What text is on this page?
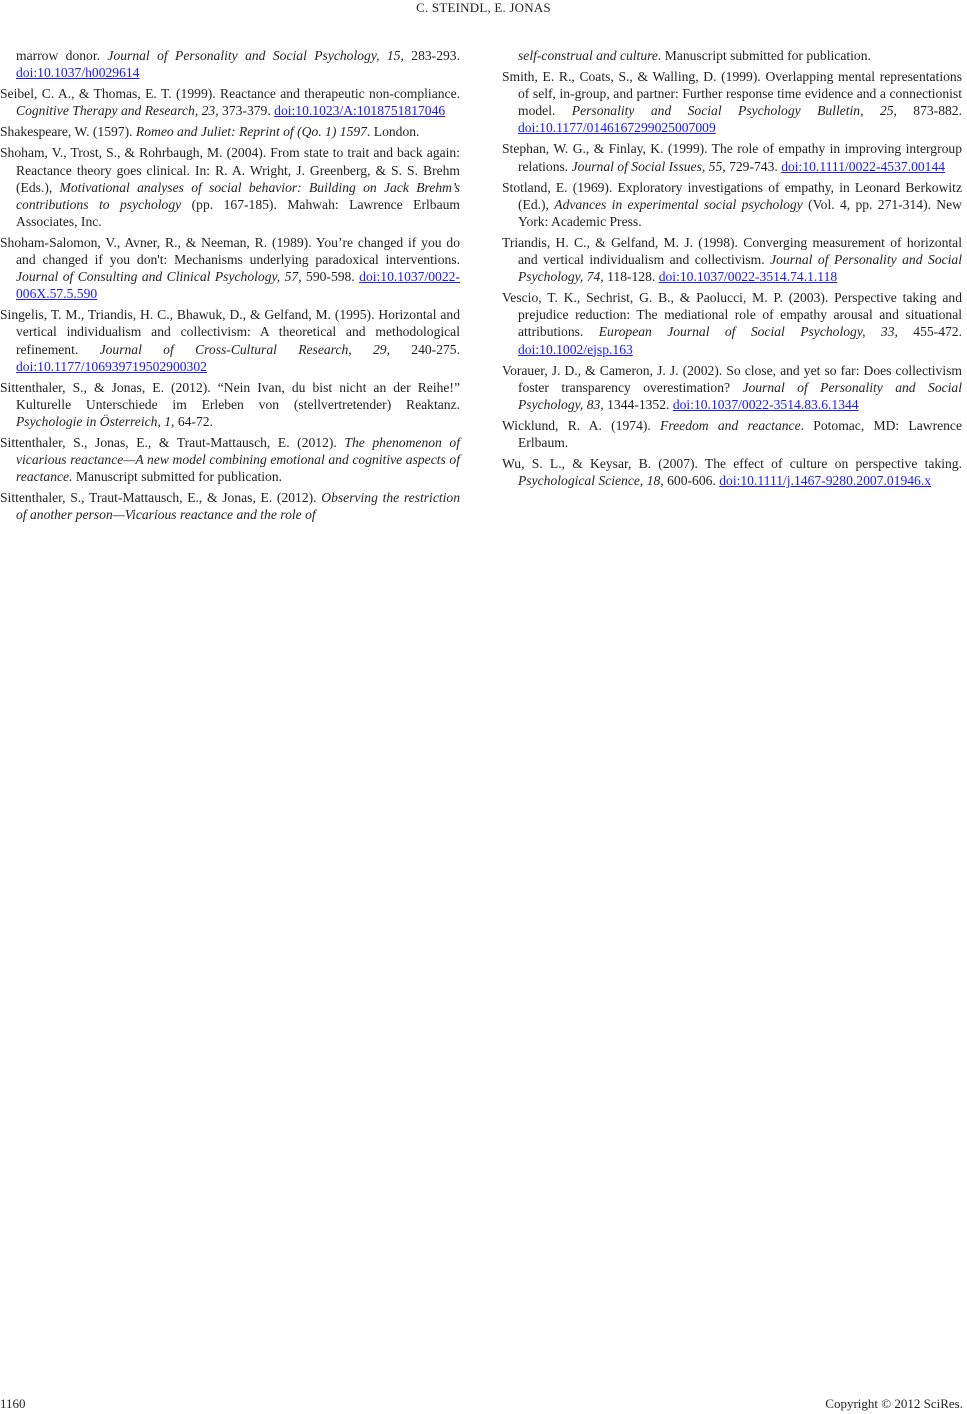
C. STEINDL, E. JONAS

marrow donor. Journal of Personality and Social Psychology, 15, 283-293. doi:10.1037/h0029614

Seibel, C. A., & Thomas, E. T. (1999). Reactance and therapeutic non-compliance. Cognitive Therapy and Research, 23, 373-379. doi:10.1023/A:1018751817046

Shakespeare, W. (1597). Romeo and Juliet: Reprint of (Qo. 1) 1597. London.

Shoham, V., Trost, S., & Rohrbaugh, M. (2004). From state to trait and back again: Reactance theory goes clinical. In: R. A. Wright, J. Greenberg, & S. S. Brehm (Eds.), Motivational analyses of social behavior: Building on Jack Brehm’s contributions to psychology (pp. 167-185). Mahwah: Lawrence Erlbaum Associates, Inc.

Shoham-Salomon, V., Avner, R., & Neeman, R. (1989). You’re changed if you do and changed if you don't: Mechanisms underlying paradoxical interventions. Journal of Consulting and Clinical Psychology, 57, 590-598. doi:10.1037/0022-006X.57.5.590

Singelis, T. M., Triandis, H. C., Bhawuk, D., & Gelfand, M. (1995). Horizontal and vertical individualism and collectivism: A theoretical and methodological refinement. Journal of Cross-Cultural Research, 29, 240-275. doi:10.1177/106939719502900302

Sittenthaler, S., & Jonas, E. (2012). “Nein Ivan, du bist nicht an der Reihe!” Kulturelle Unterschiede im Erleben von (stellvertretender) Reaktanz. Psychologie in Österreich, 1, 64-72.

Sittenthaler, S., Jonas, E., & Traut-Mattausch, E. (2012). The phenomenon of vicarious reactance—A new model combining emotional and cognitive aspects of reactance. Manuscript submitted for publication.

Sittenthaler, S., Traut-Mattausch, E., & Jonas, E. (2012). Observing the restriction of another person—Vicarious reactance and the role of

self-construal and culture. Manuscript submitted for publication.

Smith, E. R., Coats, S., & Walling, D. (1999). Overlapping mental representations of self, in-group, and partner: Further response time evidence and a connectionist model. Personality and Social Psychology Bulletin, 25, 873-882. doi:10.1177/0146167299025007009

Stephan, W. G., & Finlay, K. (1999). The role of empathy in improving intergroup relations. Journal of Social Issues, 55, 729-743. doi:10.1111/0022-4537.00144

Stotland, E. (1969). Exploratory investigations of empathy, in Leonard Berkowitz (Ed.), Advances in experimental social psychology (Vol. 4, pp. 271-314). New York: Academic Press.

Triandis, H. C., & Gelfand, M. J. (1998). Converging measurement of horizontal and vertical individualism and collectivism. Journal of Personality and Social Psychology, 74, 118-128. doi:10.1037/0022-3514.74.1.118

Vescio, T. K., Sechrist, G. B., & Paolucci, M. P. (2003). Perspective taking and prejudice reduction: The mediational role of empathy arousal and situational attributions. European Journal of Social Psychology, 33, 455-472. doi:10.1002/ejsp.163

Vorauer, J. D., & Cameron, J. J. (2002). So close, and yet so far: Does collectivism foster transparency overestimation? Journal of Personality and Social Psychology, 83, 1344-1352. doi:10.1037/0022-3514.83.6.1344

Wicklund, R. A. (1974). Freedom and reactance. Potomac, MD: Lawrence Erlbaum.

Wu, S. L., & Keysar, B. (2007). The effect of culture on perspective taking. Psychological Science, 18, 600-606. doi:10.1111/j.1467-9280.2007.01946.x

1160	Copyright © 2012 SciRes.
